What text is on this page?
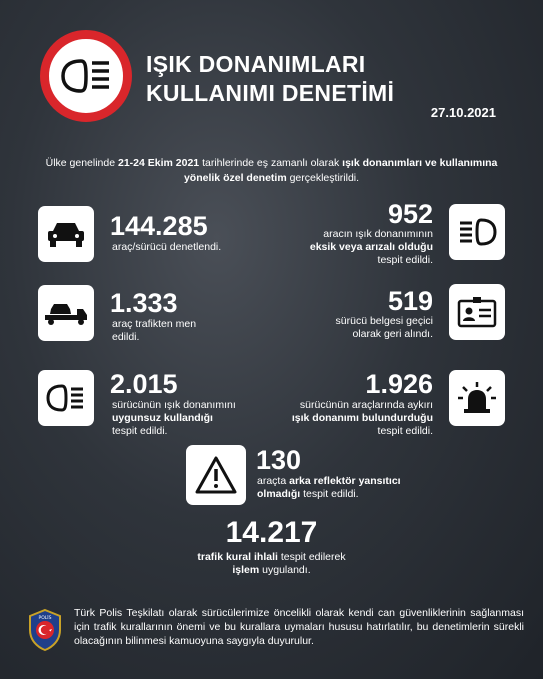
IŞIK DONANIMLARI
KULLANIMI DENETİMİ
27.10.2021
Ülke genelinde 21-24 Ekim 2021 tarihlerinde eş zamanlı olarak ışık donanımları ve kullanımına yönelik özel denetim gerçekleştirildi.
144.285
araç/sürücü denetlendi.
952
aracın ışık donanımının
eksik veya arızalı olduğu
tespit edildi.
1.333
araç trafikten men
edildi.
519
sürücü belgesi geçici
olarak geri alındı.
2.015
sürücünün ışık donanımını
uygunsuz kullandığı
tespit edildi.
1.926
sürücünün araçlarında aykırı
ışık donanımı bulundurduğu
tespit edildi.
130
araçta arka reflektör yansıtıcı
olmadığı tespit edildi.
14.217
trafik kural ihlali tespit edilerek
işlem uygulandı.
POLİS Türk Polis Teşkilatı olarak sürücülerimize öncelikli olarak kendi can güvenliklerinin sağlanması için trafik kurallarının önemi ve bu kurallara uymaları hususu hatırlatılır, bu denetimlerin sürekli olacağının bilinmesi kamuoyuna saygıyla duyurulur.
